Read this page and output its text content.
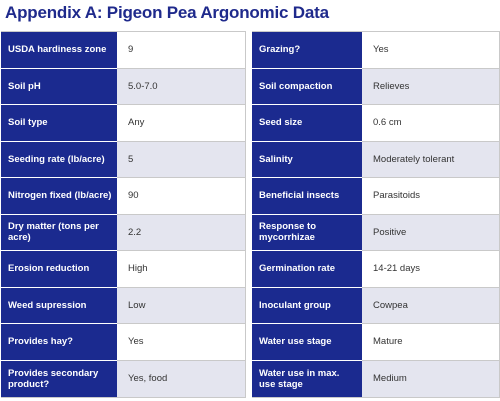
Appendix A: Pigeon Pea Argonomic Data
USDA hardiness zone	9
Soil pH	5.0-7.0
Soil type	Any
Seeding rate (lb/acre)	5
Nitrogen fixed (lb/acre)	90
Dry matter (tons per acre)	2.2
Erosion reduction	High
Weed supression	Low
Provides hay?	Yes
Provides secondary product?	Yes, food
Grazing?	Yes
Soil compaction	Relieves
Seed size	0.6 cm
Salinity	Moderately tolerant
Beneficial insects	Parasitoids
Response to mycorrhizae	Positive
Germination rate	14-21 days
Inoculant group	Cowpea
Water use stage	Mature
Water use in max. use stage	Medium
